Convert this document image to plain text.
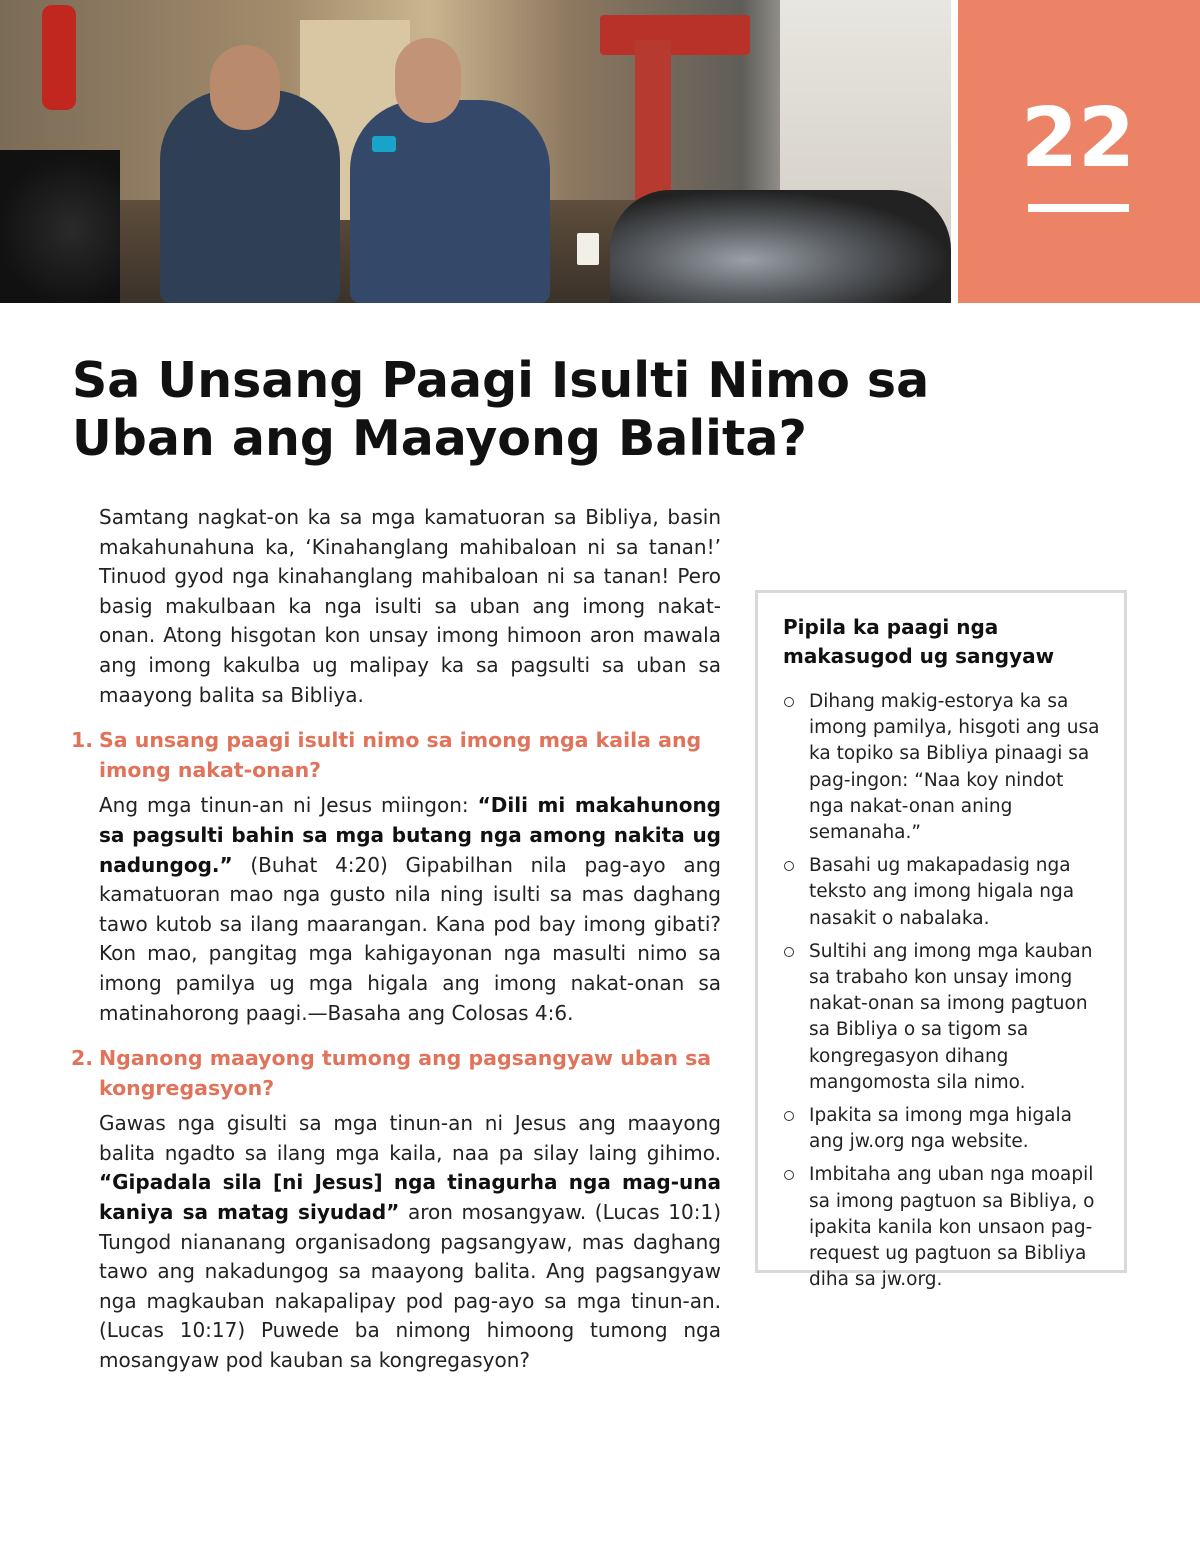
22
Sa Unsang Paagi Isulti Nimo sa Uban ang Maayong Balita?

Samtang nagkat-on ka sa mga kamatuoran sa Bibliya, basin makahunahuna ka, ‘Kinahanglang mahibaloan ni sa tanan!’ Tinuod gyod nga kinahanglang mahibaloan ni sa tanan! Pero basig makulbaan ka nga isulti sa uban ang imong nakat-onan. Atong hisgotan kon unsay imong himoon aron mawala ang imong kakulba ug malipay ka sa pagsulti sa uban sa maayong balita sa Bibliya.

1. Sa unsang paagi isulti nimo sa imong mga kaila ang imong nakat-onan?

Ang mga tinun-an ni Jesus miingon: “Dili mi makahunong sa pagsulti bahin sa mga butang nga among nakita ug nadungog.” (Buhat 4:20) Gipabilhan nila pag-ayo ang kamatuoran mao nga gusto nila ning isulti sa mas daghang tawo kutob sa ilang maarangan. Kana pod bay imong gibati? Kon mao, pangitag mga kahigayonan nga masulti nimo sa imong pamilya ug mga higala ang imong nakat-onan sa matinahorong paagi.—Basaha ang Colosas 4:6.

2. Nganong maayong tumong ang pagsangyaw uban sa kongregasyon?

Gawas nga gisulti sa mga tinun-an ni Jesus ang maayong balita ngadto sa ilang mga kaila, naa pa silay laing gihimo. “Gipadala sila [ni Jesus] nga tinagurha nga mag-una kaniya sa matag siyudad” aron mosangyaw. (Lucas 10:1) Tungod niananang organisadong pagsangyaw, mas daghang tawo ang nakadungog sa maayong balita. Ang pagsangyaw nga magkauban nakapalipay pod pag-ayo sa mga tinun-an. (Lucas 10:17) Puwede ba nimong himoong tumong nga mosangyaw pod kauban sa kongregasyon?

Pipila ka paagi nga makasugod ug sangyaw
Dihang makig-estorya ka sa imong pamilya, hisgoti ang usa ka topiko sa Bibliya pinaagi sa pag-ingon: “Naa koy nindot nga nakat-onan aning semanaha.”
Basahi ug makapadasig nga teksto ang imong higala nga nasakit o nabalaka.
Sultihi ang imong mga kauban sa trabaho kon unsay imong nakat-onan sa imong pagtuon sa Bibliya o sa tigom sa kongregasyon dihang mangomosta sila nimo.
Ipakita sa imong mga higala ang jw.org nga website.
Imbitaha ang uban nga moapil sa imong pagtuon sa Bibliya, o ipakita kanila kon unsaon pag-request ug pagtuon sa Bibliya diha sa jw.org.
